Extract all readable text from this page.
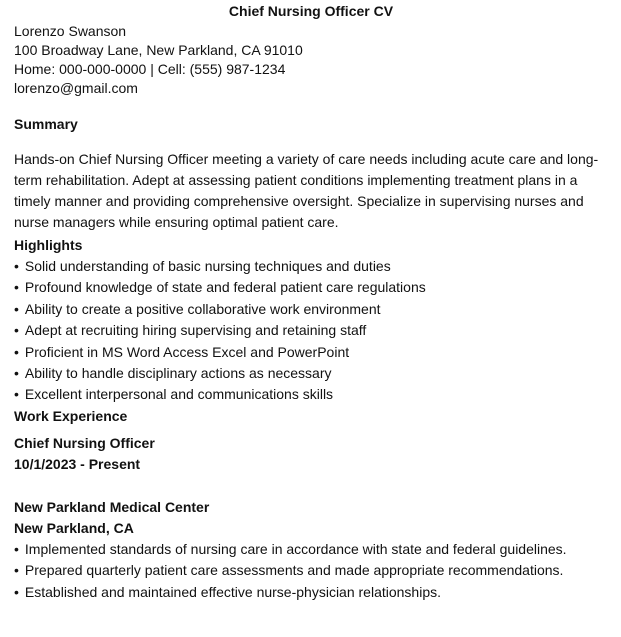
Chief Nursing Officer CV
Lorenzo Swanson
100 Broadway Lane, New Parkland, CA 91010
Home: 000-000-0000 | Cell: (555) 987-1234
lorenzo@gmail.com
Summary

Hands-on Chief Nursing Officer meeting a variety of care needs including acute care and long-term rehabilitation. Adept at assessing patient conditions implementing treatment plans in a timely manner and providing comprehensive oversight. Specialize in supervising nurses and nurse managers while ensuring optimal patient care.

Highlights
• Solid understanding of basic nursing techniques and duties
• Profound knowledge of state and federal patient care regulations
• Ability to create a positive collaborative work environment
• Adept at recruiting hiring supervising and retaining staff
• Proficient in MS Word Access Excel and PowerPoint
• Ability to handle disciplinary actions as necessary
• Excellent interpersonal and communications skills
Work Experience
Chief Nursing Officer
10/1/2023 - Present
New Parkland Medical Center
New Parkland, CA
• Implemented standards of nursing care in accordance with state and federal guidelines.
• Prepared quarterly patient care assessments and made appropriate recommendations.
• Established and maintained effective nurse-physician relationships.
